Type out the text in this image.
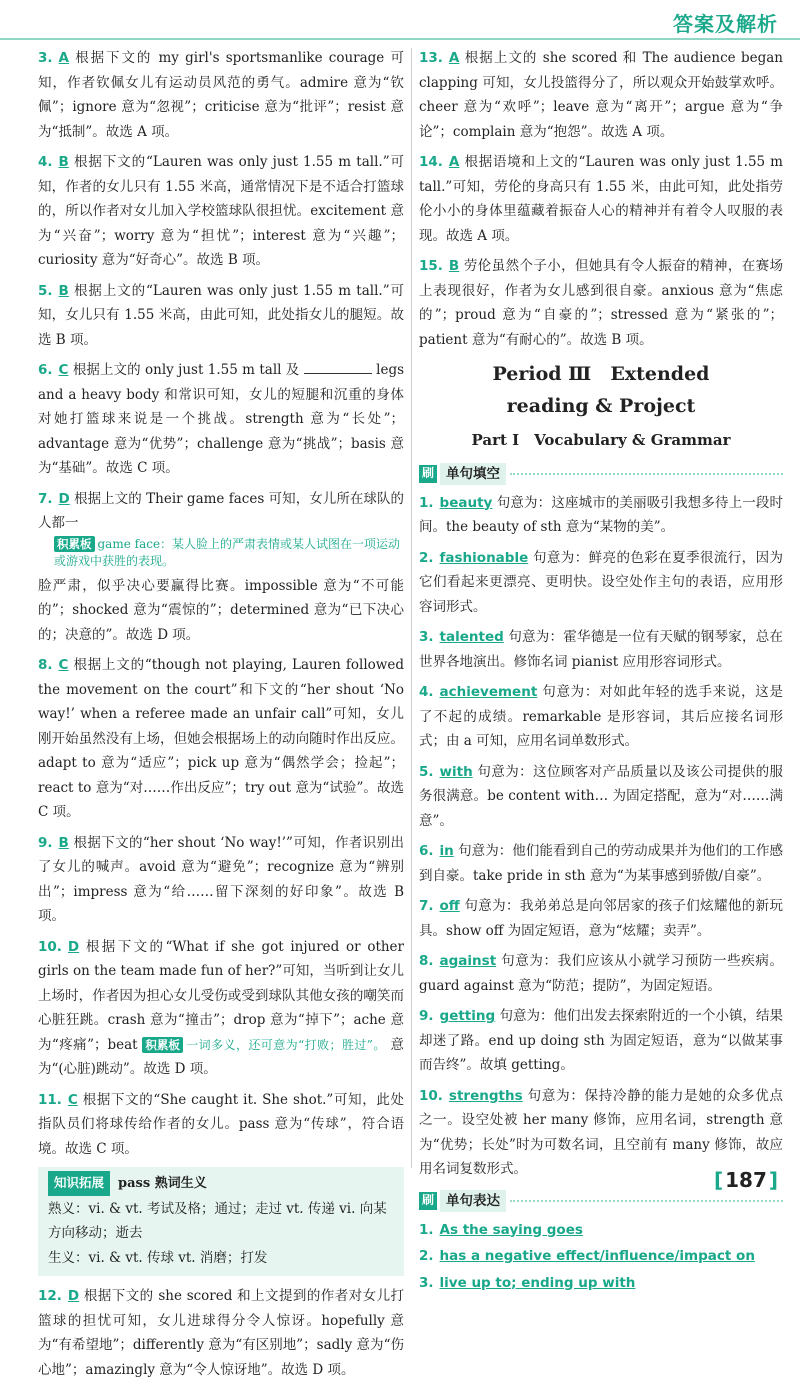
答案及解析
3. A 根据下文的 my girl's sportsmanlike courage 可知，作者钦佩女儿有运动员风范的勇气。admire 意为“钦佩”；ignore 意为“忽视”；criticise 意为“批评”；resist 意为“抵制”。故选 A 项。
4. B 根据下文的“Lauren was only just 1.55 m tall.”可知，作者的女儿只有 1.55 米高，通常情况下是不适合打篮球的，所以作者对女儿加入学校篮球队很担忧。excitement 意为“兴奋”；worry 意为“担忧”；interest 意为“兴趣”；curiosity 意为“好奇心”。故选 B 项。
5. B 根据上文的“Lauren was only just 1.55 m tall.”可知，女儿只有 1.55 米高，由此可知，此处指女儿的腿短。故选 B 项。
6. C 根据上文的 only just 1.55 m tall 及	legs and a heavy body 和常识可知，女儿的短腿和沉重的身体对她打篮球来说是一个挑战。strength 意为“长处”；advantage 意为“优势”；challenge 意为“挑战”；basis 意为“基础”。故选 C 项。
7. D 根据上文的 Their game faces 可知，女儿所在球队的人都一
积累板 game face：某人脸上的严肃表情或某人试图在一项运动或游戏中获胜的表现。
脸严肃，似乎决心要赢得比赛。impossible 意为“不可能的”；shocked 意为“震惊的”；determined 意为“已下决心的；决意的”。故选 D 项。
8. C 根据上文的“though not playing, Lauren followed the movement on the court”和下文的“her shout ‘No way!’ when a referee made an unfair call”可知，女儿刚开始虽然没有上场，但她会根据场上的动向随时作出反应。adapt to 意为“适应”；pick up 意为“偶然学会；捡起”；react to 意为“对……作出反应”；try out 意为“试验”。故选 C 项。
9. B 根据下文的“her shout ‘No way!’”可知，作者识别出了女儿的喊声。avoid 意为“避免”；recognize 意为“辨别出”；impress 意为“给……留下深刻的好印象”。故选 B 项。
10. D 根据下文的“What if she got injured or other girls on the team made fun of her?”可知，当听到让女儿上场时，作者因为担心女儿受伤或受到球队其他女孩的嘲笑而心脏狂跳。crash 意为“撞击”；drop 意为“掉下”；ache 意为“疼痛”；beat 积累板 一词多义，还可意为“打败；胜过”。 意为“(心脏)跳动”。故选 D 项。
11. C 根据下文的“She caught it. She shot.”可知，此处指队员们将球传给作者的女儿。pass 意为“传球”，符合语境。故选 C 项。
知识拓展 pass 熟词生义
熟义：vi. & vt. 考试及格；通过；走过 vt. 传递 vi. 向某方向移动；逝去
生义：vi. & vt. 传球 vt. 消磨；打发
12. D 根据下文的 she scored 和上文提到的作者对女儿打篮球的担忧可知，女儿进球得分令人惊讶。hopefully 意为“有希望地”；differently 意为“有区别地”；sadly 意为“伤心地”；amazingly 意为“令人惊讶地”。故选 D 项。
13. A 根据上文的 she scored 和 The audience began clapping 可知，女儿投篮得分了，所以观众开始鼓掌欢呼。cheer 意为“欢呼”；leave 意为“离开”；argue 意为“争论”；complain 意为“抱怨”。故选 A 项。
14. A 根据语境和上文的“Lauren was only just 1.55 m tall.”可知，劳伦的身高只有 1.55 米，由此可知，此处指劳伦小小的身体里蕴藏着振奋人心的精神并有着令人叹服的表现。故选 A 项。
15. B 劳伦虽然个子小，但她具有令人振奋的精神，在赛场上表现很好，作者为女儿感到很自豪。anxious 意为“焦虑的”；proud 意为“自豪的”；stressed 意为“紧张的”；patient 意为“有耐心的”。故选 B 项。
Period Ⅲ　Extended
reading & Project
Part Ⅰ　Vocabulary & Grammar
刷 单句填空
1. beauty 句意为：这座城市的美丽吸引我想多待上一段时间。the beauty of sth 意为“某物的美”。
2. fashionable 句意为：鲜亮的色彩在夏季很流行，因为它们看起来更漂亮、更明快。设空处作主句的表语，应用形容词形式。
3. talented 句意为：霍华德是一位有天赋的钢琴家，总在世界各地演出。修饰名词 pianist 应用形容词形式。
4. achievement 句意为：对如此年轻的选手来说，这是了不起的成绩。remarkable 是形容词，其后应接名词形式；由 a 可知，应用名词单数形式。
5. with 句意为：这位顾客对产品质量以及该公司提供的服务很满意。be content with… 为固定搭配，意为“对……满意”。
6. in 句意为：他们能看到自己的劳动成果并为他们的工作感到自豪。take pride in sth 意为“为某事感到骄傲/自豪”。
7. off 句意为：我弟弟总是向邻居家的孩子们炫耀他的新玩具。show off 为固定短语，意为“炫耀；卖弄”。
8. against 句意为：我们应该从小就学习预防一些疾病。guard against 意为“防范；提防”，为固定短语。
9. getting 句意为：他们出发去探索附近的一个小镇，结果却迷了路。end up doing sth 为固定短语，意为“以做某事而告终”。故填 getting。
10. strengths 句意为：保持冷静的能力是她的众多优点之一。设空处被 her many 修饰，应用名词，strength 意为“优势；长处”时为可数名词，且空前有 many 修饰，故应用名词复数形式。
刷 单句表达
1. As the saying goes
2. has a negative effect/influence/impact on
3. live up to; ending up with
[ 187 ]
